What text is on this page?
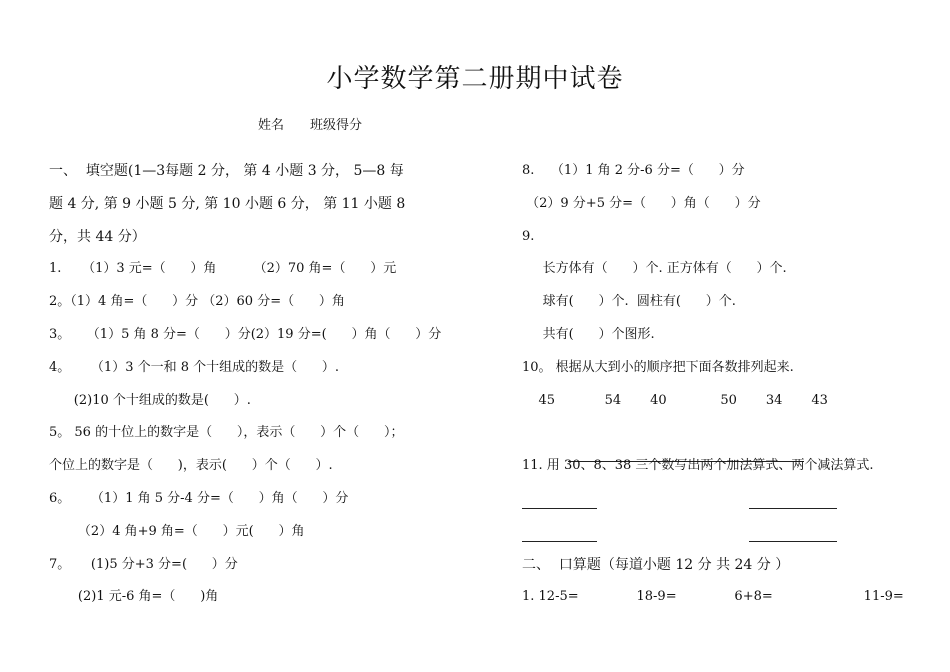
小学数学第二册期中试卷
姓名　　班级得分
一、  填空题(1—3每题 2 分， 第 4 小题 3 分， 5—8 每
题 4 分, 第 9 小题 5 分, 第 10 小题 6 分， 第 11 小题 8
分，共 44 分）
1.     （1）3 元=（      ）角         （2）70 角=（      ）元
2。（1）4 角=（      ）分 （2）60 分=（      ）角
3。    （1）5 角 8 分=（      ）分(2）19 分=(      ）角（      ）分
4。     （1）3 个一和 8 个十组成的数是（      ）.
(2)10 个十组成的数是(      ）.
5。 56 的十位上的数字是（      ），表示（      ）个（      ）；
个位上的数字是（      )，表示(      ）个（      ）.
6。     （1）1 角 5 分-4 分=（      ）角（      ）分
（2）4 角+9 角=（      ）元(      ）角
7。     (1)5 分+3 分=(      ）分
(2)1 元-6 角=（      )角
8.    （1）1 角 2 分-6 分=（      ）分
（2）9 分+5 分=（      ）角（      ）分
9.
长方体有（      ）个. 正方体有（      ）个.
球有(      ）个.  圆柱有(      ）个.
共有(      ）个图形.
10。 根据从大到小的顺序把下面各数排列起来.
45            54       40             50       34       43

11. 用 30、8、38 三个数写出两个加法算式、两个减法算式.

二、  口算题（每道小题 12 分 共 24 分 ）
1. 12-5=              18-9=              6+8=                      11-9=
